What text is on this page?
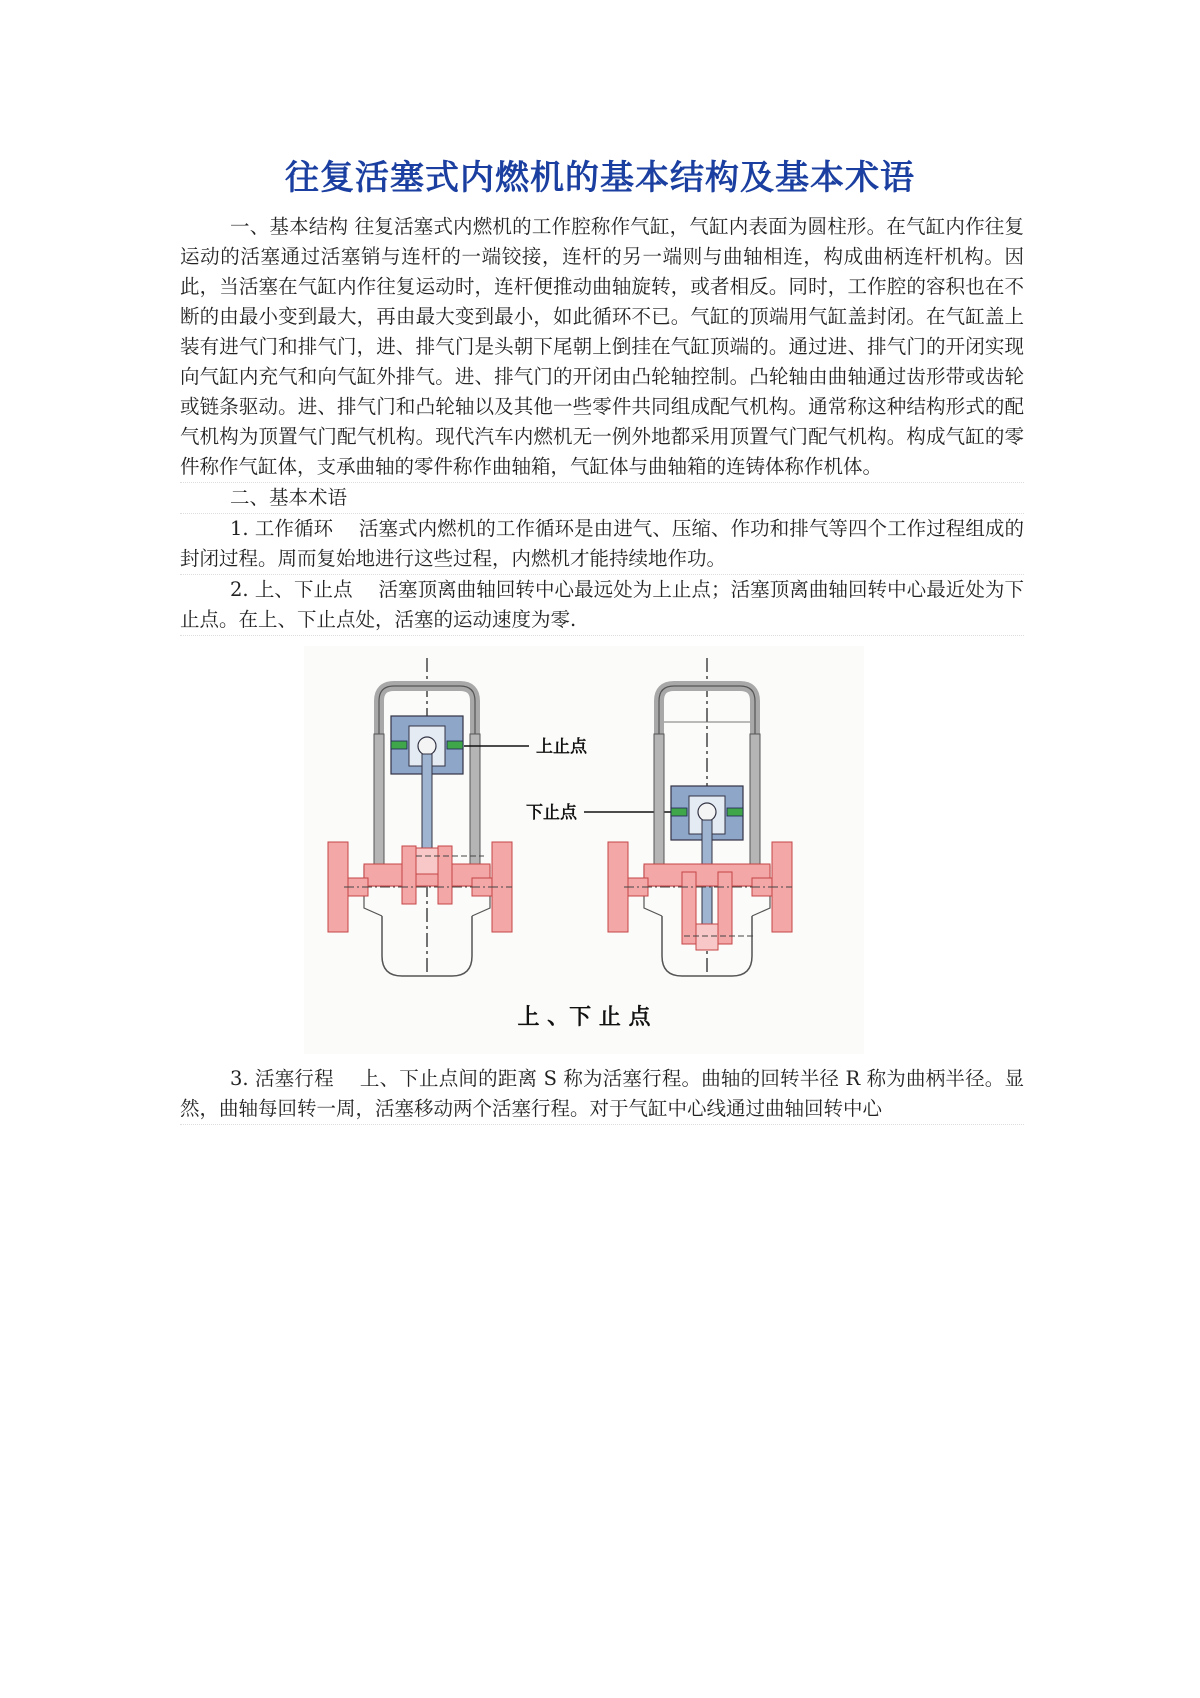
往复活塞式内燃机的基本结构及基本术语

一、基本结构 往复活塞式内燃机的工作腔称作气缸，气缸内表面为圆柱形。在气缸内作往复运动的活塞通过活塞销与连杆的一端铰接，连杆的另一端则与曲轴相连，构成曲柄连杆机构。因此，当活塞在气缸内作往复运动时，连杆便推动曲轴旋转，或者相反。同时，工作腔的容积也在不断的由最小变到最大，再由最大变到最小，如此循环不已。气缸的顶端用气缸盖封闭。在气缸盖上装有进气门和排气门，进、排气门是头朝下尾朝上倒挂在气缸顶端的。通过进、排气门的开闭实现向气缸内充气和向气缸外排气。进、排气门的开闭由凸轮轴控制。凸轮轴由曲轴通过齿形带或齿轮或链条驱动。进、排气门和凸轮轴以及其他一些零件共同组成配气机构。通常称这种结构形式的配气机构为顶置气门配气机构。现代汽车内燃机无一例外地都采用顶置气门配气机构。构成气缸的零件称作气缸体，支承曲轴的零件称作曲轴箱，气缸体与曲轴箱的连铸体称作机体。

二、基本术语

1. 工作循环　 活塞式内燃机的工作循环是由进气、压缩、作功和排气等四个工作过程组成的封闭过程。周而复始地进行这些过程，内燃机才能持续地作功。

2. 上、下止点　 活塞顶离曲轴回转中心最远处为上止点；活塞顶离曲轴回转中心最近处为下止点。在上、下止点处，活塞的运动速度为零.

上止点
下止点
上 、下 止 点

3. 活塞行程　 上、下止点间的距离 S 称为活塞行程。曲轴的回转半径 R 称为曲柄半径。显然，曲轴每回转一周，活塞移动两个活塞行程。对于气缸中心线通过曲轴回转中心
